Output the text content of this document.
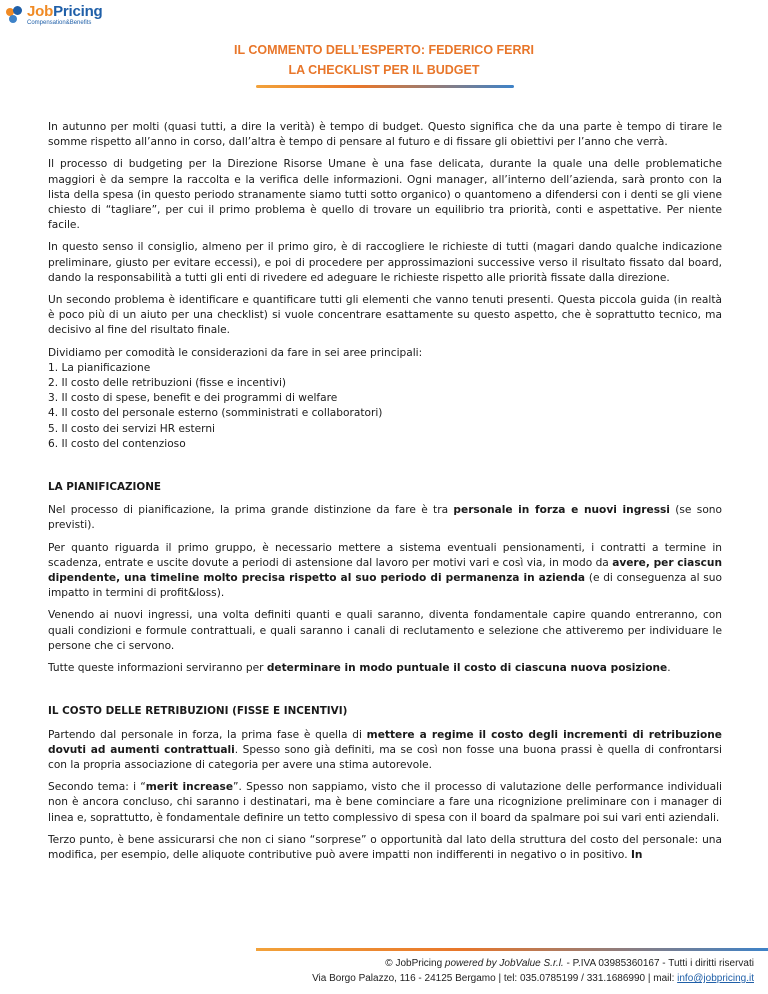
JobPricing
Compensation&Benefits
IL COMMENTO DELL’ESPERTO: FEDERICO FERRI
LA CHECKLIST PER IL BUDGET

In autunno per molti (quasi tutti, a dire la verità) è tempo di budget. Questo significa che da una parte è tempo di tirare le somme rispetto all’anno in corso, dall’altra è tempo di pensare al futuro e di fissare gli obiettivi per l’anno che verrà.

Il processo di budgeting per la Direzione Risorse Umane è una fase delicata, durante la quale una delle problematiche maggiori è da sempre la raccolta e la verifica delle informazioni. Ogni manager, all’interno dell’azienda, sarà pronto con la lista della spesa (in questo periodo stranamente siamo tutti sotto organico) o quantomeno a difendersi con i denti se gli viene chiesto di “tagliare”, per cui il primo problema è quello di trovare un equilibrio tra priorità, conti e aspettative. Per niente facile.

In questo senso il consiglio, almeno per il primo giro, è di raccogliere le richieste di tutti (magari dando qualche indicazione preliminare, giusto per evitare eccessi), e poi di procedere per approssimazioni successive verso il risultato fissato dal board, dando la responsabilità a tutti gli enti di rivedere ed adeguare le richieste rispetto alle priorità fissate dalla direzione.

Un secondo problema è identificare e quantificare tutti gli elementi che vanno tenuti presenti. Questa piccola guida (in realtà è poco più di un aiuto per una checklist) si vuole concentrare esattamente su questo aspetto, che è soprattutto tecnico, ma decisivo al fine del risultato finale.

Dividiamo per comodità le considerazioni da fare in sei aree principali:
1. La pianificazione
2. Il costo delle retribuzioni (fisse e incentivi)
3. Il costo di spese, benefit e dei programmi di welfare
4. Il costo del personale esterno (somministrati e collaboratori)
5. Il costo dei servizi HR esterni
6. Il costo del contenzioso
LA PIANIFICAZIONE

Nel processo di pianificazione, la prima grande distinzione da fare è tra personale in forza e nuovi ingressi (se sono previsti).

Per quanto riguarda il primo gruppo, è necessario mettere a sistema eventuali pensionamenti, i contratti a termine in scadenza, entrate e uscite dovute a periodi di astensione dal lavoro per motivi vari e così via, in modo da avere, per ciascun dipendente, una timeline molto precisa rispetto al suo periodo di permanenza in azienda (e di conseguenza al suo impatto in termini di profit&loss).

Venendo ai nuovi ingressi, una volta definiti quanti e quali saranno, diventa fondamentale capire quando entreranno, con quali condizioni e formule contrattuali, e quali saranno i canali di reclutamento e selezione che attiveremo per individuare le persone che ci servono.

Tutte queste informazioni serviranno per determinare in modo puntuale il costo di ciascuna nuova posizione.

IL COSTO DELLE RETRIBUZIONI (FISSE E INCENTIVI)

Partendo dal personale in forza, la prima fase è quella di mettere a regime il costo degli incrementi di retribuzione dovuti ad aumenti contrattuali. Spesso sono già definiti, ma se così non fosse una buona prassi è quella di confrontarsi con la propria associazione di categoria per avere una stima autorevole.

Secondo tema: i “merit increase”. Spesso non sappiamo, visto che il processo di valutazione delle performance individuali non è ancora concluso, chi saranno i destinatari, ma è bene cominciare a fare una ricognizione preliminare con i manager di linea e, soprattutto, è fondamentale definire un tetto complessivo di spesa con il board da spalmare poi sui vari enti aziendali.

Terzo punto, è bene assicurarsi che non ci siano “sorprese” o opportunità dal lato della struttura del costo del personale: una modifica, per esempio, delle aliquote contributive può avere impatti non indifferenti in negativo o in positivo. In

© JobPricing powered by JobValue S.r.l. - P.IVA 03985360167 - Tutti i diritti riservati
Via Borgo Palazzo, 116 - 24125 Bergamo | tel: 035.0785199 / 331.1686990 | mail: info@jobpricing.it
